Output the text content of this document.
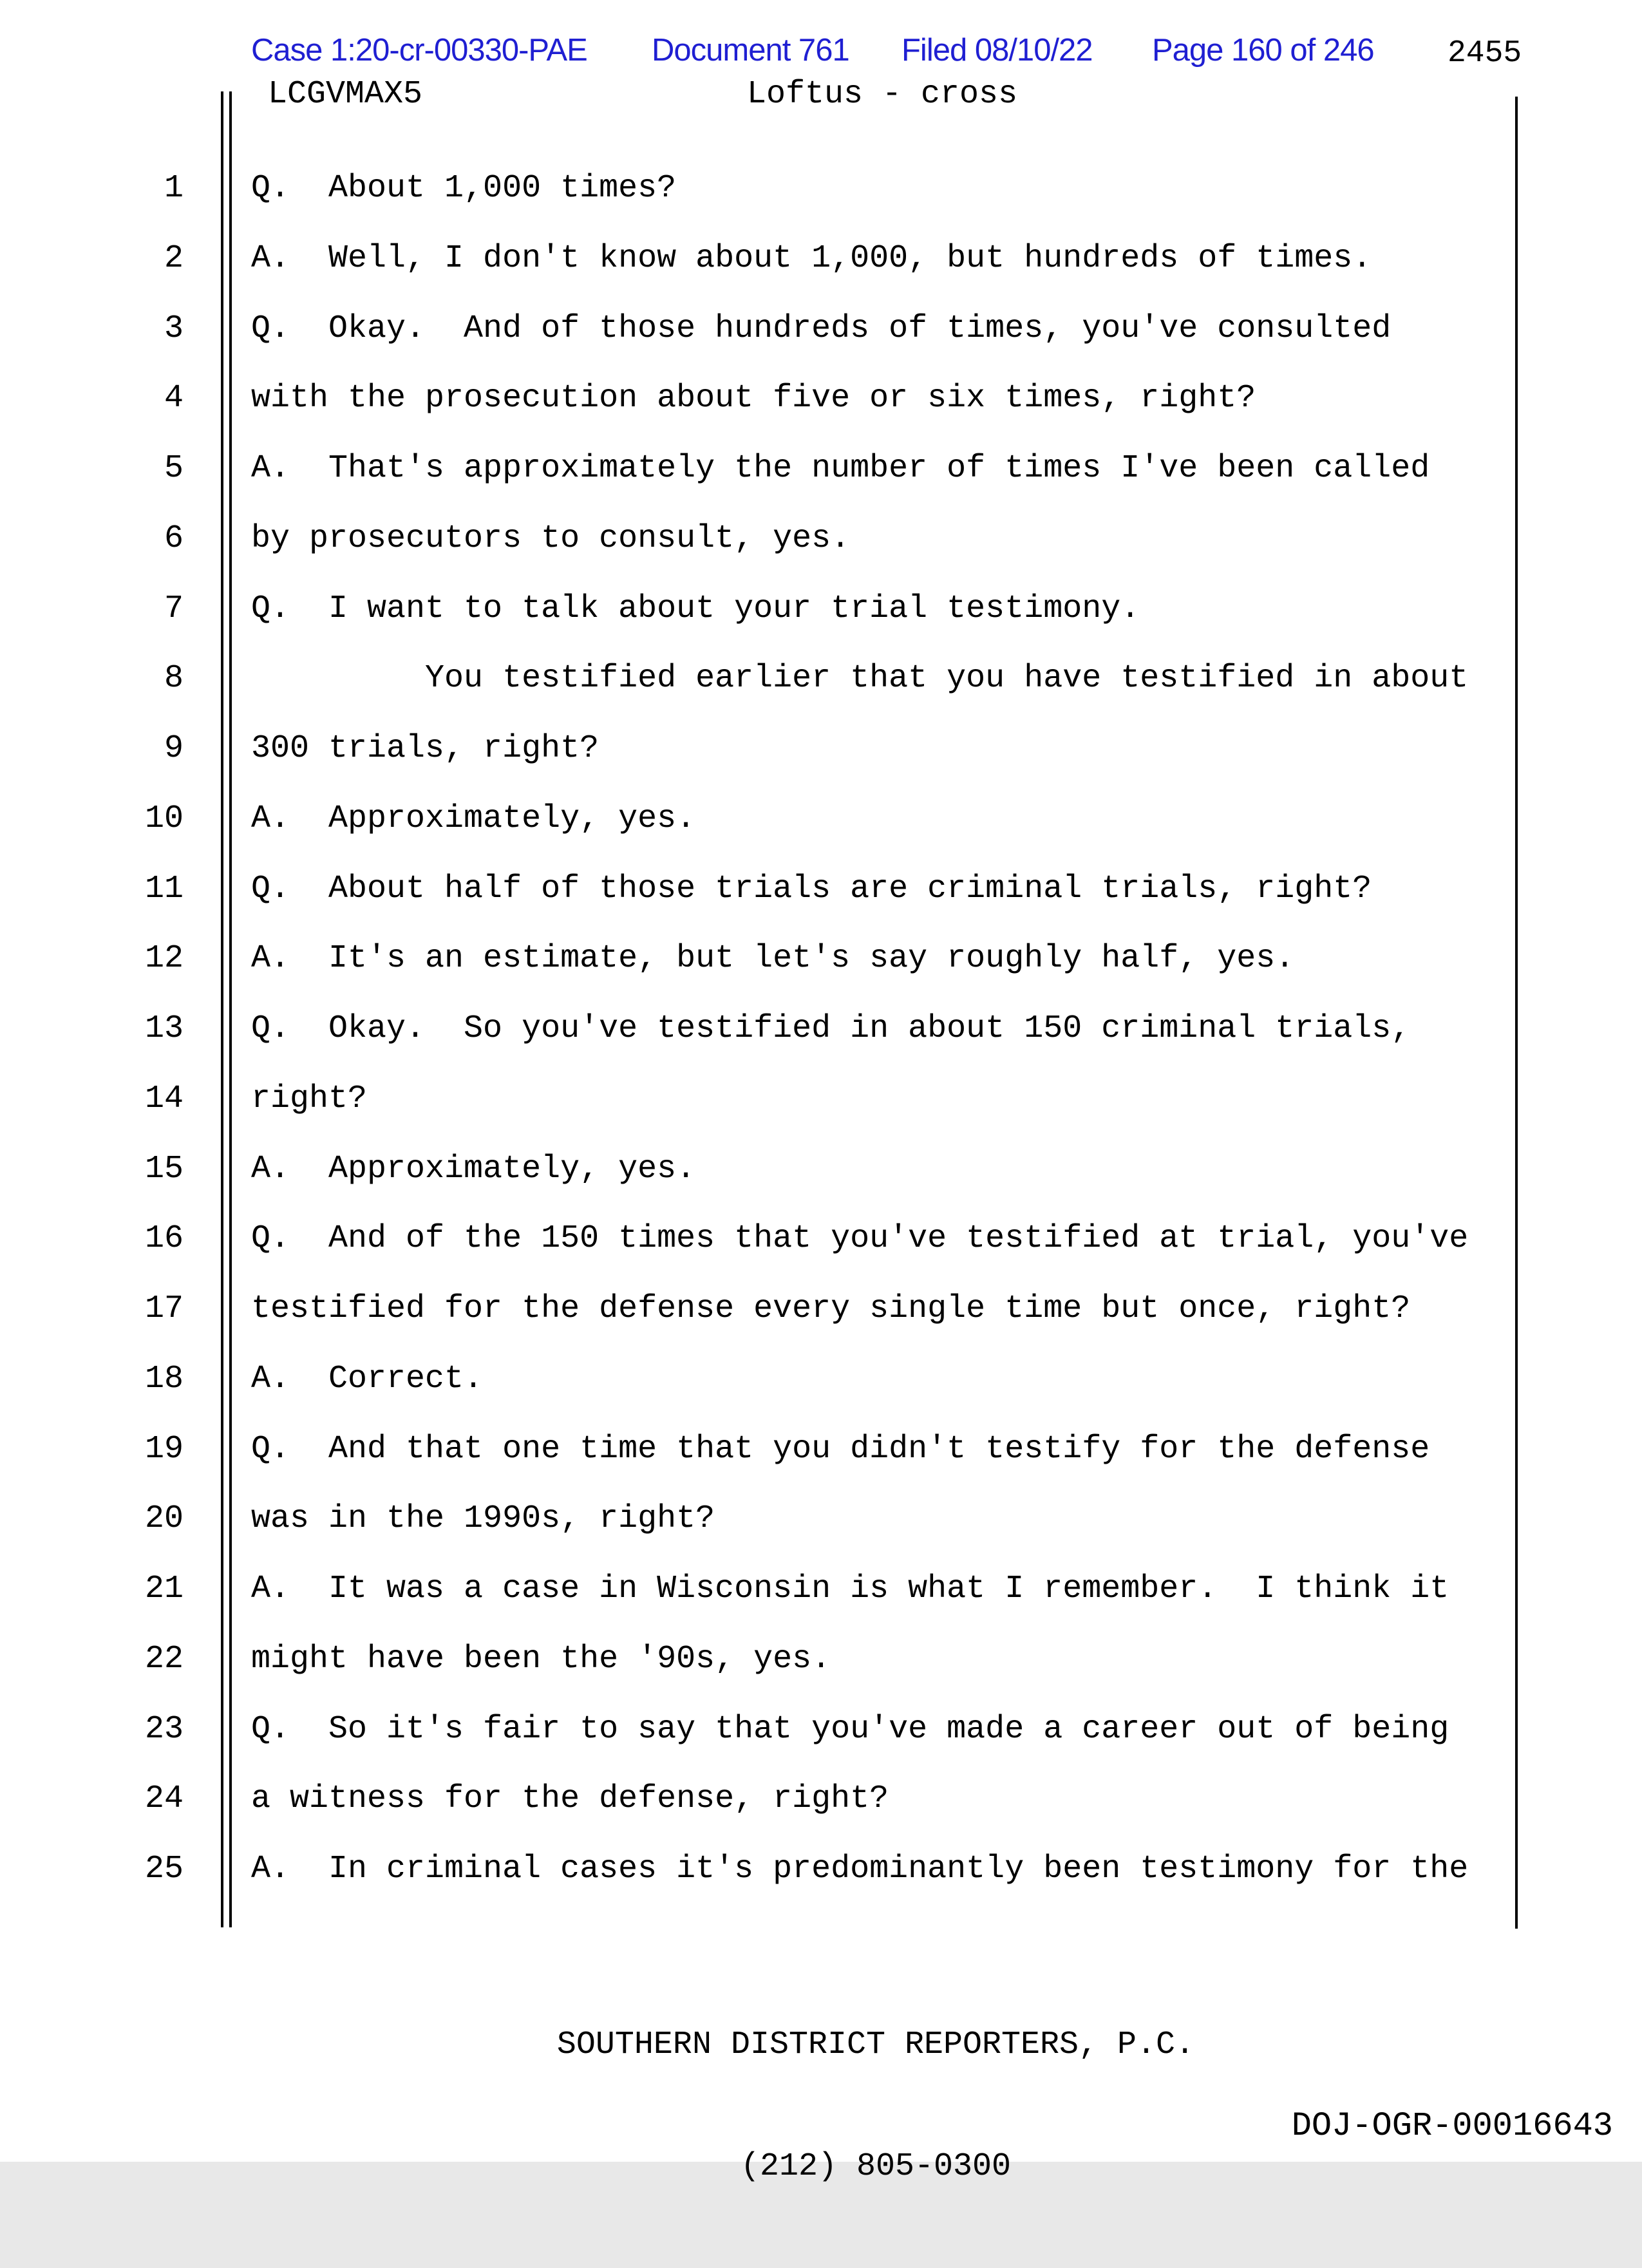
Case 1:20-cr-00330-PAE Document 761 Filed 08/10/22 Page 160 of 246 2455
LCGVMAX5	Loftus - cross
1 Q.  About 1,000 times?
2 A.  Well, I don't know about 1,000, but hundreds of times.
3 Q.  Okay.  And of those hundreds of times, you've consulted
4 with the prosecution about five or six times, right?
5 A.  That's approximately the number of times I've been called
6 by prosecutors to consult, yes.
7 Q.  I want to talk about your trial testimony.
8 You testified earlier that you have testified in about
9 300 trials, right?
10 A.  Approximately, yes.
11 Q.  About half of those trials are criminal trials, right?
12 A.  It's an estimate, but let's say roughly half, yes.
13 Q.  Okay.  So you've testified in about 150 criminal trials,
14 right?
15 A.  Approximately, yes.
16 Q.  And of the 150 times that you've testified at trial, you've
17 testified for the defense every single time but once, right?
18 A.  Correct.
19 Q.  And that one time that you didn't testify for the defense
20 was in the 1990s, right?
21 A.  It was a case in Wisconsin is what I remember.  I think it
22 might have been the '90s, yes.
23 Q.  So it's fair to say that you've made a career out of being
24 a witness for the defense, right?
25 A.  In criminal cases it's predominantly been testimony for the

SOUTHERN DISTRICT REPORTERS, P.C.

(212) 805-0300

DOJ-OGR-00016643
